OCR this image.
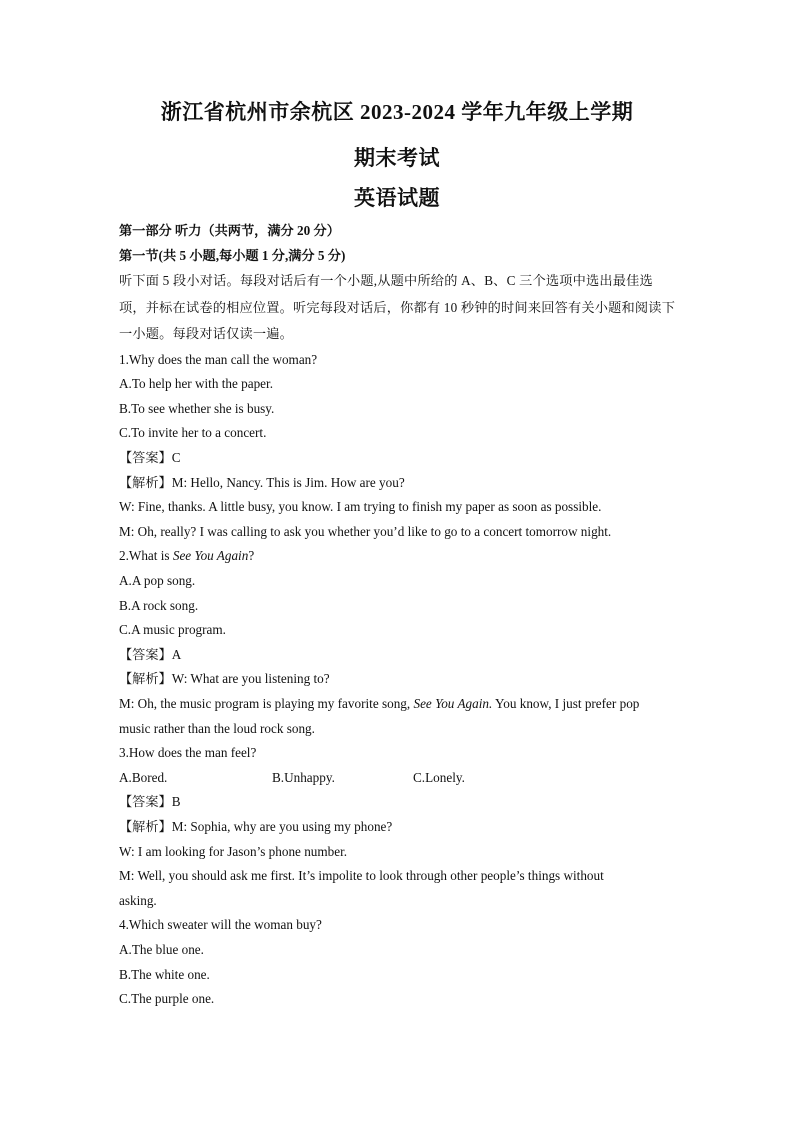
浙江省杭州市余杭区 2023-2024 学年九年级上学期
期末考试
英语试题
第一部分 听力（共两节，满分 20 分）
第一节(共 5 小题,每小题 1 分,满分 5 分)
听下面 5 段小对话。每段对话后有一个小题,从题中所给的 A、B、C 三个选项中选出最佳选项，并标在试卷的相应位置。听完每段对话后，你都有 10 秒钟的时间来回答有关小题和阅读下一小题。每段对话仅读一遍。
1.Why does the man call the woman?
A.To help her with the paper.
B.To see whether she is busy.
C.To invite her to a concert.
【答案】C
【解析】M: Hello, Nancy. This is Jim. How are you?
W: Fine, thanks. A little busy, you know. I am trying to finish my paper as soon as possible.
M: Oh, really? I was calling to ask you whether you’d like to go to a concert tomorrow night.
2.What is See You Again?
A.A pop song.
B.A rock song.
C.A music program.
【答案】A
【解析】W: What are you listening to?
M: Oh, the music program is playing my favorite song, See You Again. You know, I just prefer pop
music rather than the loud rock song.
3.How does the man feel?
A.Bored.	B.Unhappy.	C.Lonely.
【答案】B
【解析】M: Sophia, why are you using my phone?
W: I am looking for Jason’s phone number.
M: Well, you should ask me first. It’s impolite to look through other people’s things without
asking.
4.Which sweater will the woman buy?
A.The blue one.
B.The white one.
C.The purple one.
